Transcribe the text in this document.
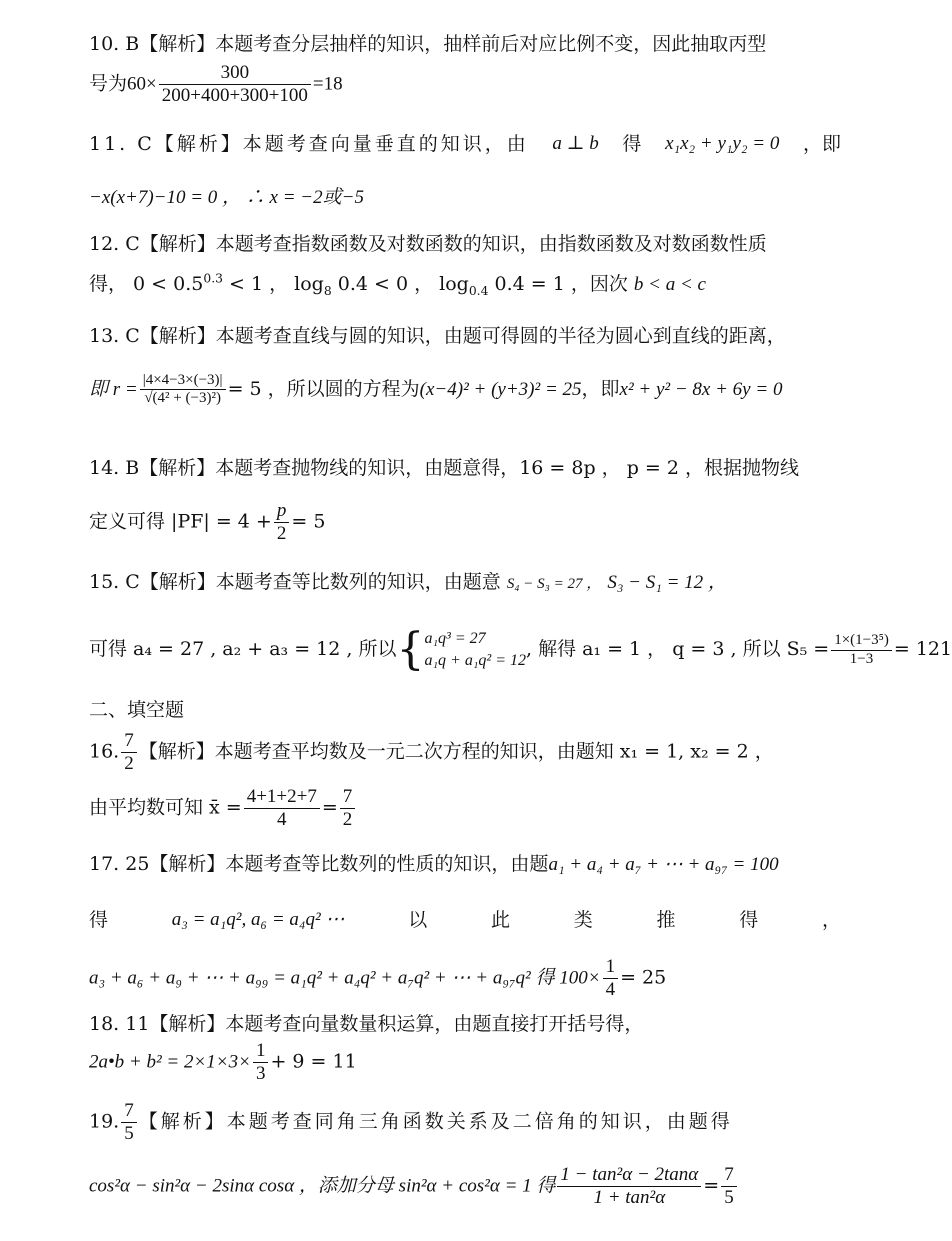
10. B【解析】本题考查分层抽样的知识，抽样前后对应比例不变，因此抽取丙型
号为$60\times \frac{300}{200+400+300+100} =18$
11. C【解析】本题考查向量垂直的知识，由 a ⊥ b 得 x₁x₂ + y₁y₂ = 0 ，即
−x(x+7)−10 = 0 ， ∴ x = −2或−5
12. C【解析】本题考查指数函数及对数函数的知识，由指数函数及对数函数性质
得， $0 < 0.5^{0.3} < 1$ ， $\log_8 0.4 < 0$ ， $\log_{0.4} 0.4 = 1$ ，因次 b < a < c
13. C【解析】本题考查直线与圆的知识，由题可得圆的半径为圆心到直线的距离，
即 $r = \frac{|4\times 4-3\times(-3)|}{\text{√(4² + (−3)²)}} = 5$ ，所以圆的方程为(x−4)² + (y+3)² = 25，即x² + y² − 8x + 6y = 0
14. B【解析】本题考查抛物线的知识，由题意得，16 = 8p ， p = 2 ，根据抛物线
定义可得 $|PF| = 4 + \frac{p}{2} = 5$
15. C【解析】本题考查等比数列的知识，由题意 S₄ − S₃ = 27 ， S₃ − S₁ = 12 ，
可得 a₄ = 27 , a₂ + a₃ = 12 , 所以{ a₁q³ = 27
a₁q + a₁q² = 12
, 解得 a₁ = 1 ， q = 3 , 所以 $S_5 = \frac{\text{1×(1−3⁵)}}{1-3} = 121$
二、填空题
16. $\frac{7}{2}$ 【解析】本题考查平均数及一元二次方程的知识，由题知 x₁ = 1, x₂ = 2 ，
由平均数可知 x̄ = $\frac{4+1+2+7}{4} = \frac{7}{2}$
17. 25【解析】本题考查等比数列的性质的知识，由题a₁ + a₄ + a₇ + ⋯ + a₉₇ = 100
得	a₃ = a₁q², a₆ = a₄q² ⋯	以	此	类	推	得	，
a₃ + a₆ + a₉ + ⋯ + a₉₉ = a₁q² + a₄q² + a₇q² + ⋯ + a₉₇q² 得 $100\times \frac{1}{4} = 25$
18. 11【解析】本题考查向量数量积运算，由题直接打开括号得，
2a•b + $b^2 = 2\times 1\times 3\times \frac{1}{3} + 9 = 11$
19. $\frac{7}{5}$ 【解析】本题考查同角三角函数关系及二倍角的知识，由题得
cos²α − sin²α − 2sinα cosα ，添加分母 sin²α + cos²α = 1 得 $\frac{\text{1 − tan²α − 2tanα}}{\text{1 + tan²α}} = \frac{7}{5}$
